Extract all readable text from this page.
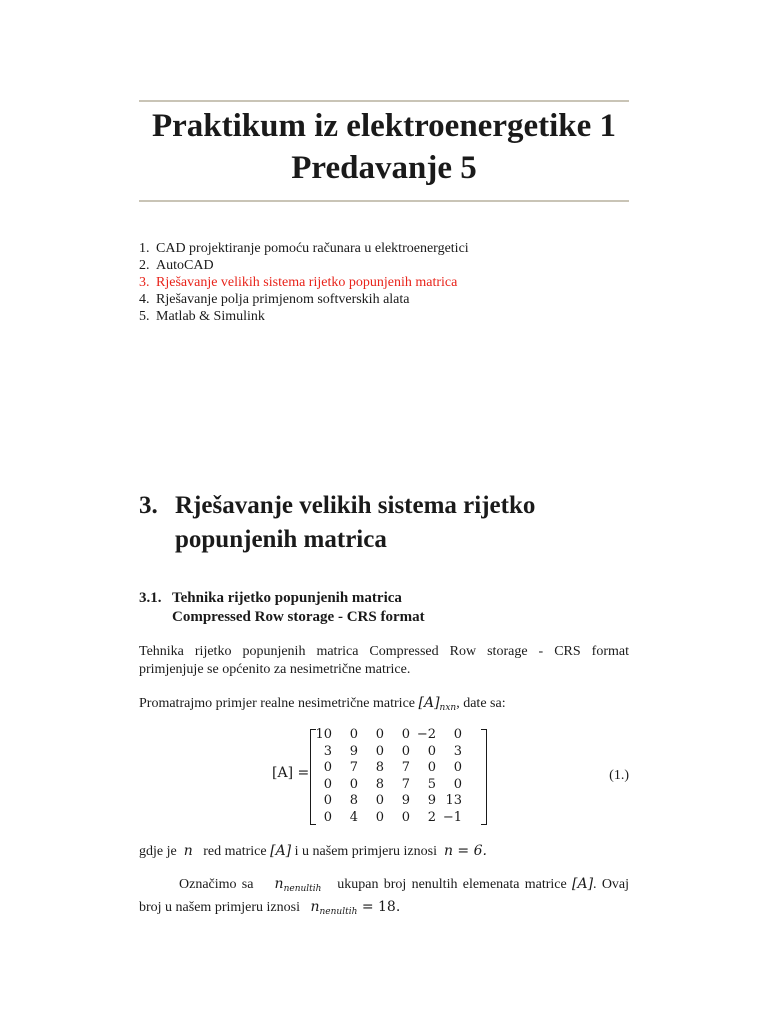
Praktikum iz elektroenergetike 1
Predavanje 5
1. CAD projektiranje pomoću računara u elektroenergetici
2. AutoCAD
3. Rješavanje velikih sistema rijetko popunjenih matrica
4. Rješavanje polja primjenom softverskih alata
5. Matlab & Simulink
3. Rješavanje velikih sistema rijetko
popunjenih matrica
3.1. Tehnika rijetko popunjenih matrica
Compressed Row storage - CRS format
Tehnika rijetko popunjenih matrica Compressed Row storage - CRS format primjenjuje se općenito za nesimetrične matrice.
Promatrajmo primjer realne nesimetrične matrice $[A]_{nxn}$, date sa:
[A] =
10	0	0	0	−2	0
3	9	0	0	0	3
0	7	8	7	0	0
0	0	8	7	5	0
0	8	0	9	9	13
0	4	0	0	2	−1
(1.)
gdje je n red matrice [A] i u našem primjeru iznosi n = 6.
Označimo sa $n_{nenultih}$ ukupan broj nenultih elemenata matrice [A]. Ovaj broj u našem primjeru iznosi $n_{nenultih} = 18$.
